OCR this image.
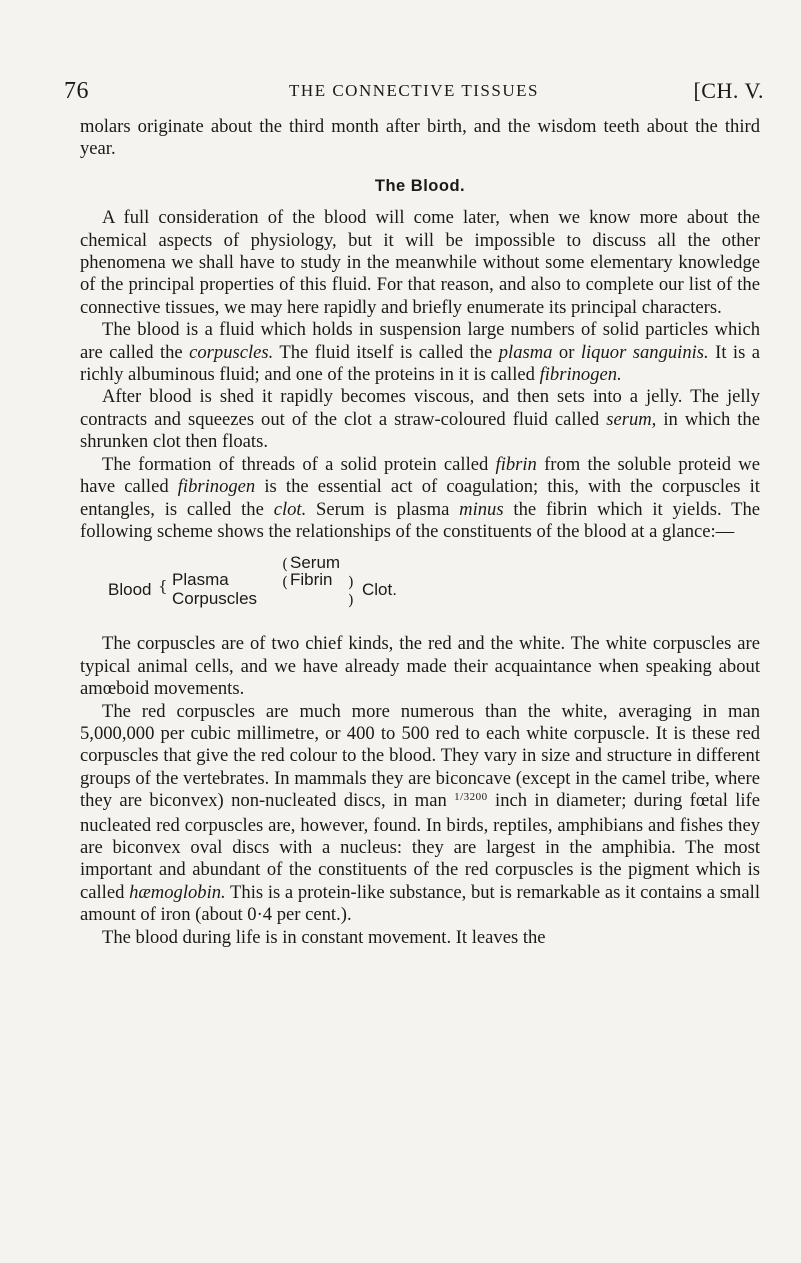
76	THE CONNECTIVE TISSUES	[CH. V.

molars originate about the third month after birth, and the wisdom teeth about the third year.

The Blood.

A full consideration of the blood will come later, when we know more about the chemical aspects of physiology, but it will be impossible to discuss all the other phenomena we shall have to study in the meanwhile without some elementary knowledge of the principal properties of this fluid. For that reason, and also to complete our list of the connective tissues, we may here rapidly and briefly enumerate its principal characters.

The blood is a fluid which holds in suspension large numbers of solid particles which are called the corpuscles. The fluid itself is called the plasma or liquor sanguinis. It is a richly albuminous fluid; and one of the proteins in it is called fibrinogen.

After blood is shed it rapidly becomes viscous, and then sets into a jelly. The jelly contracts and squeezes out of the clot a straw-coloured fluid called serum, in which the shrunken clot then floats.

The formation of threads of a solid protein called fibrin from the soluble proteid we have called fibrinogen is the essential act of coagulation; this, with the corpuscles it entangles, is called the clot. Serum is plasma minus the fibrin which it yields. The following scheme shows the relationships of the constituents of the blood at a glance:—

( Serum
Blood { Plasma
Corpuscles
( Fibrin )
)
Clot.

The corpuscles are of two chief kinds, the red and the white. The white corpuscles are typical animal cells, and we have already made their acquaintance when speaking about amœboid movements.

The red corpuscles are much more numerous than the white, averaging in man 5,000,000 per cubic millimetre, or 400 to 500 red to each white corpuscle. It is these red corpuscles that give the red colour to the blood. They vary in size and structure in different groups of the vertebrates. In mammals they are biconcave (except in the camel tribe, where they are biconvex) non-nucleated discs, in man $^{1/3200}$ inch in diameter; during fœtal life nucleated red corpuscles are, however, found. In birds, reptiles, amphibians and fishes they are biconvex oval discs with a nucleus: they are largest in the amphibia. The most important and abundant of the constituents of the red corpuscles is the pigment which is called hæmoglobin. This is a protein-like substance, but is remarkable as it contains a small amount of iron (about 0·4 per cent.).

The blood during life is in constant movement. It leaves the
